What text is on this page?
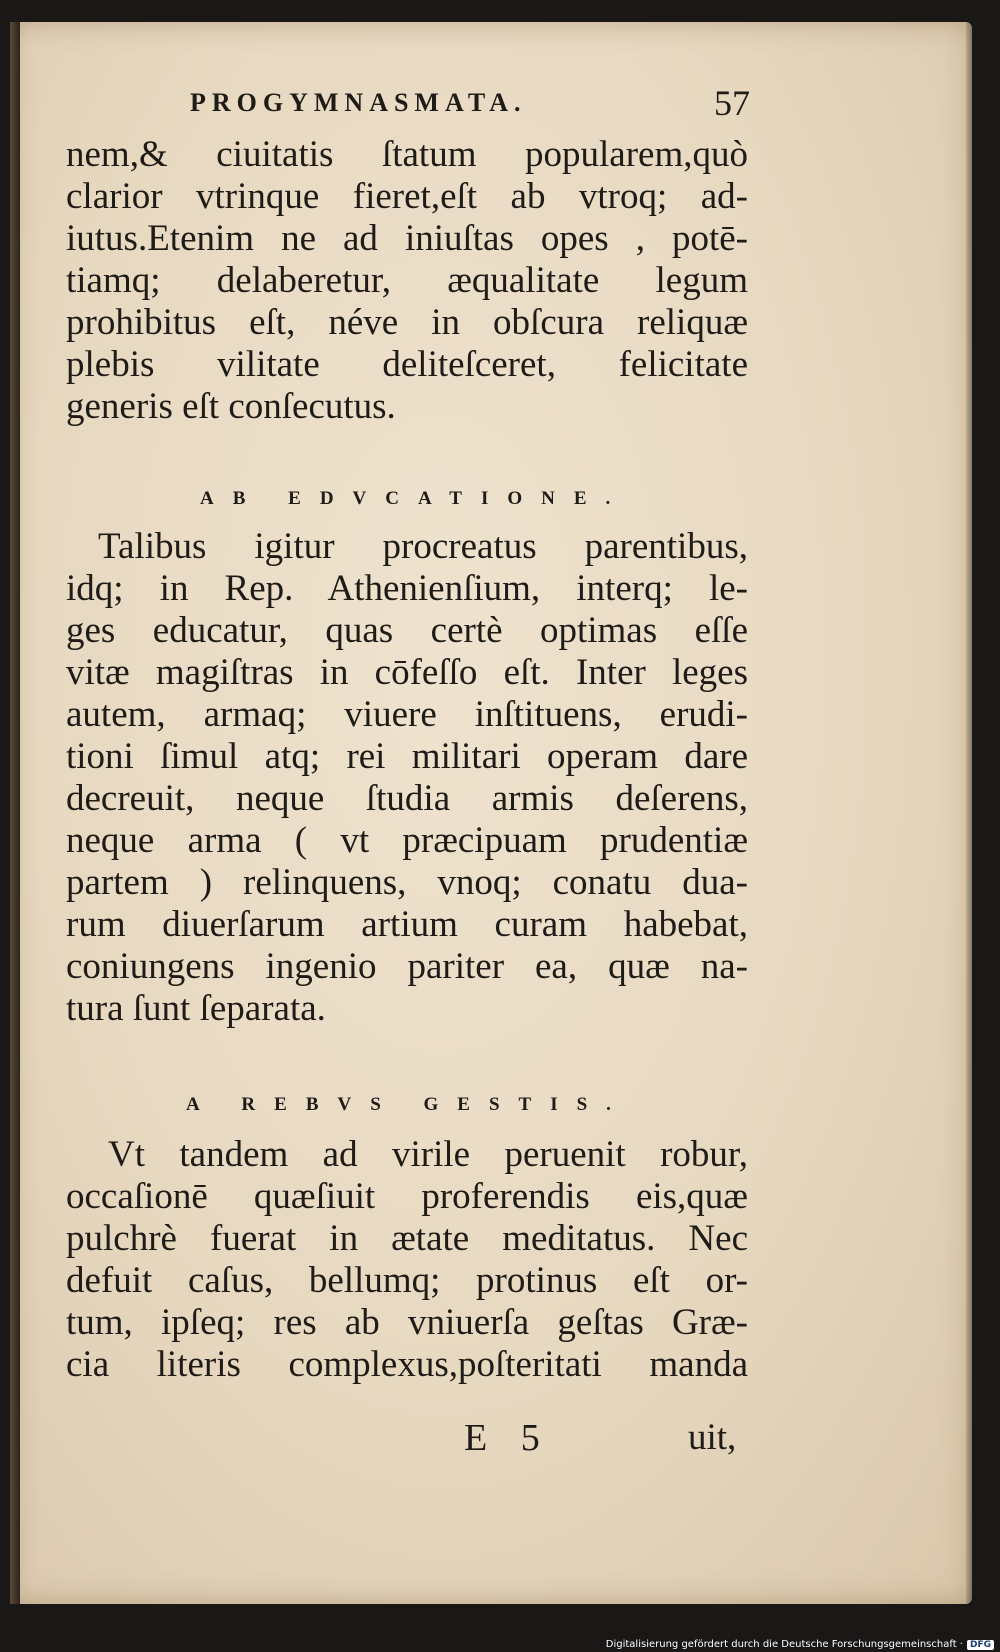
PROGYMNASMATA.	57
nem,& ciuitatis ſtatum popularem,quò
clarior vtrinque fieret,eſt ab vtroq; ad-
iutus.Etenim ne ad iniuſtas opes , potē-
tiamq; delaberetur, æqualitate legum
prohibitus eſt, néve in obſcura reliquæ
plebis vilitate deliteſceret, felicitate
generis eſt conſecutus.
AB EDVCATIONE.
Talibus igitur procreatus parentibus,
idq; in Rep. Athenienſium, interq; le-
ges educatur, quas certè optimas eſſe
vitæ magiſtras in cōfeſſo eſt. Inter leges
autem, armaq; viuere inſtituens, erudi-
tioni ſimul atq; rei militari operam dare
decreuit, neque ſtudia armis deſerens,
neque arma ( vt præcipuam prudentiæ
partem ) relinquens, vnoq; conatu dua-
rum diuerſarum artium curam habebat,
coniungens ingenio pariter ea, quæ na-
tura ſunt ſeparata.
A REBVS GESTIS.
Vt tandem ad virile peruenit robur,
occaſionē quæſiuit proferendis eis,quæ
pulchrè fuerat in ætate meditatus. Nec
defuit caſus, bellumq; protinus eſt or-
tum, ipſeq; res ab vniuerſa geſtas Græ-
cia literis complexus,poſteritati manda
E 5	uit,
Digitalisierung gefördert durch die Deutsche Forschungsgemeinschaft · DFG
